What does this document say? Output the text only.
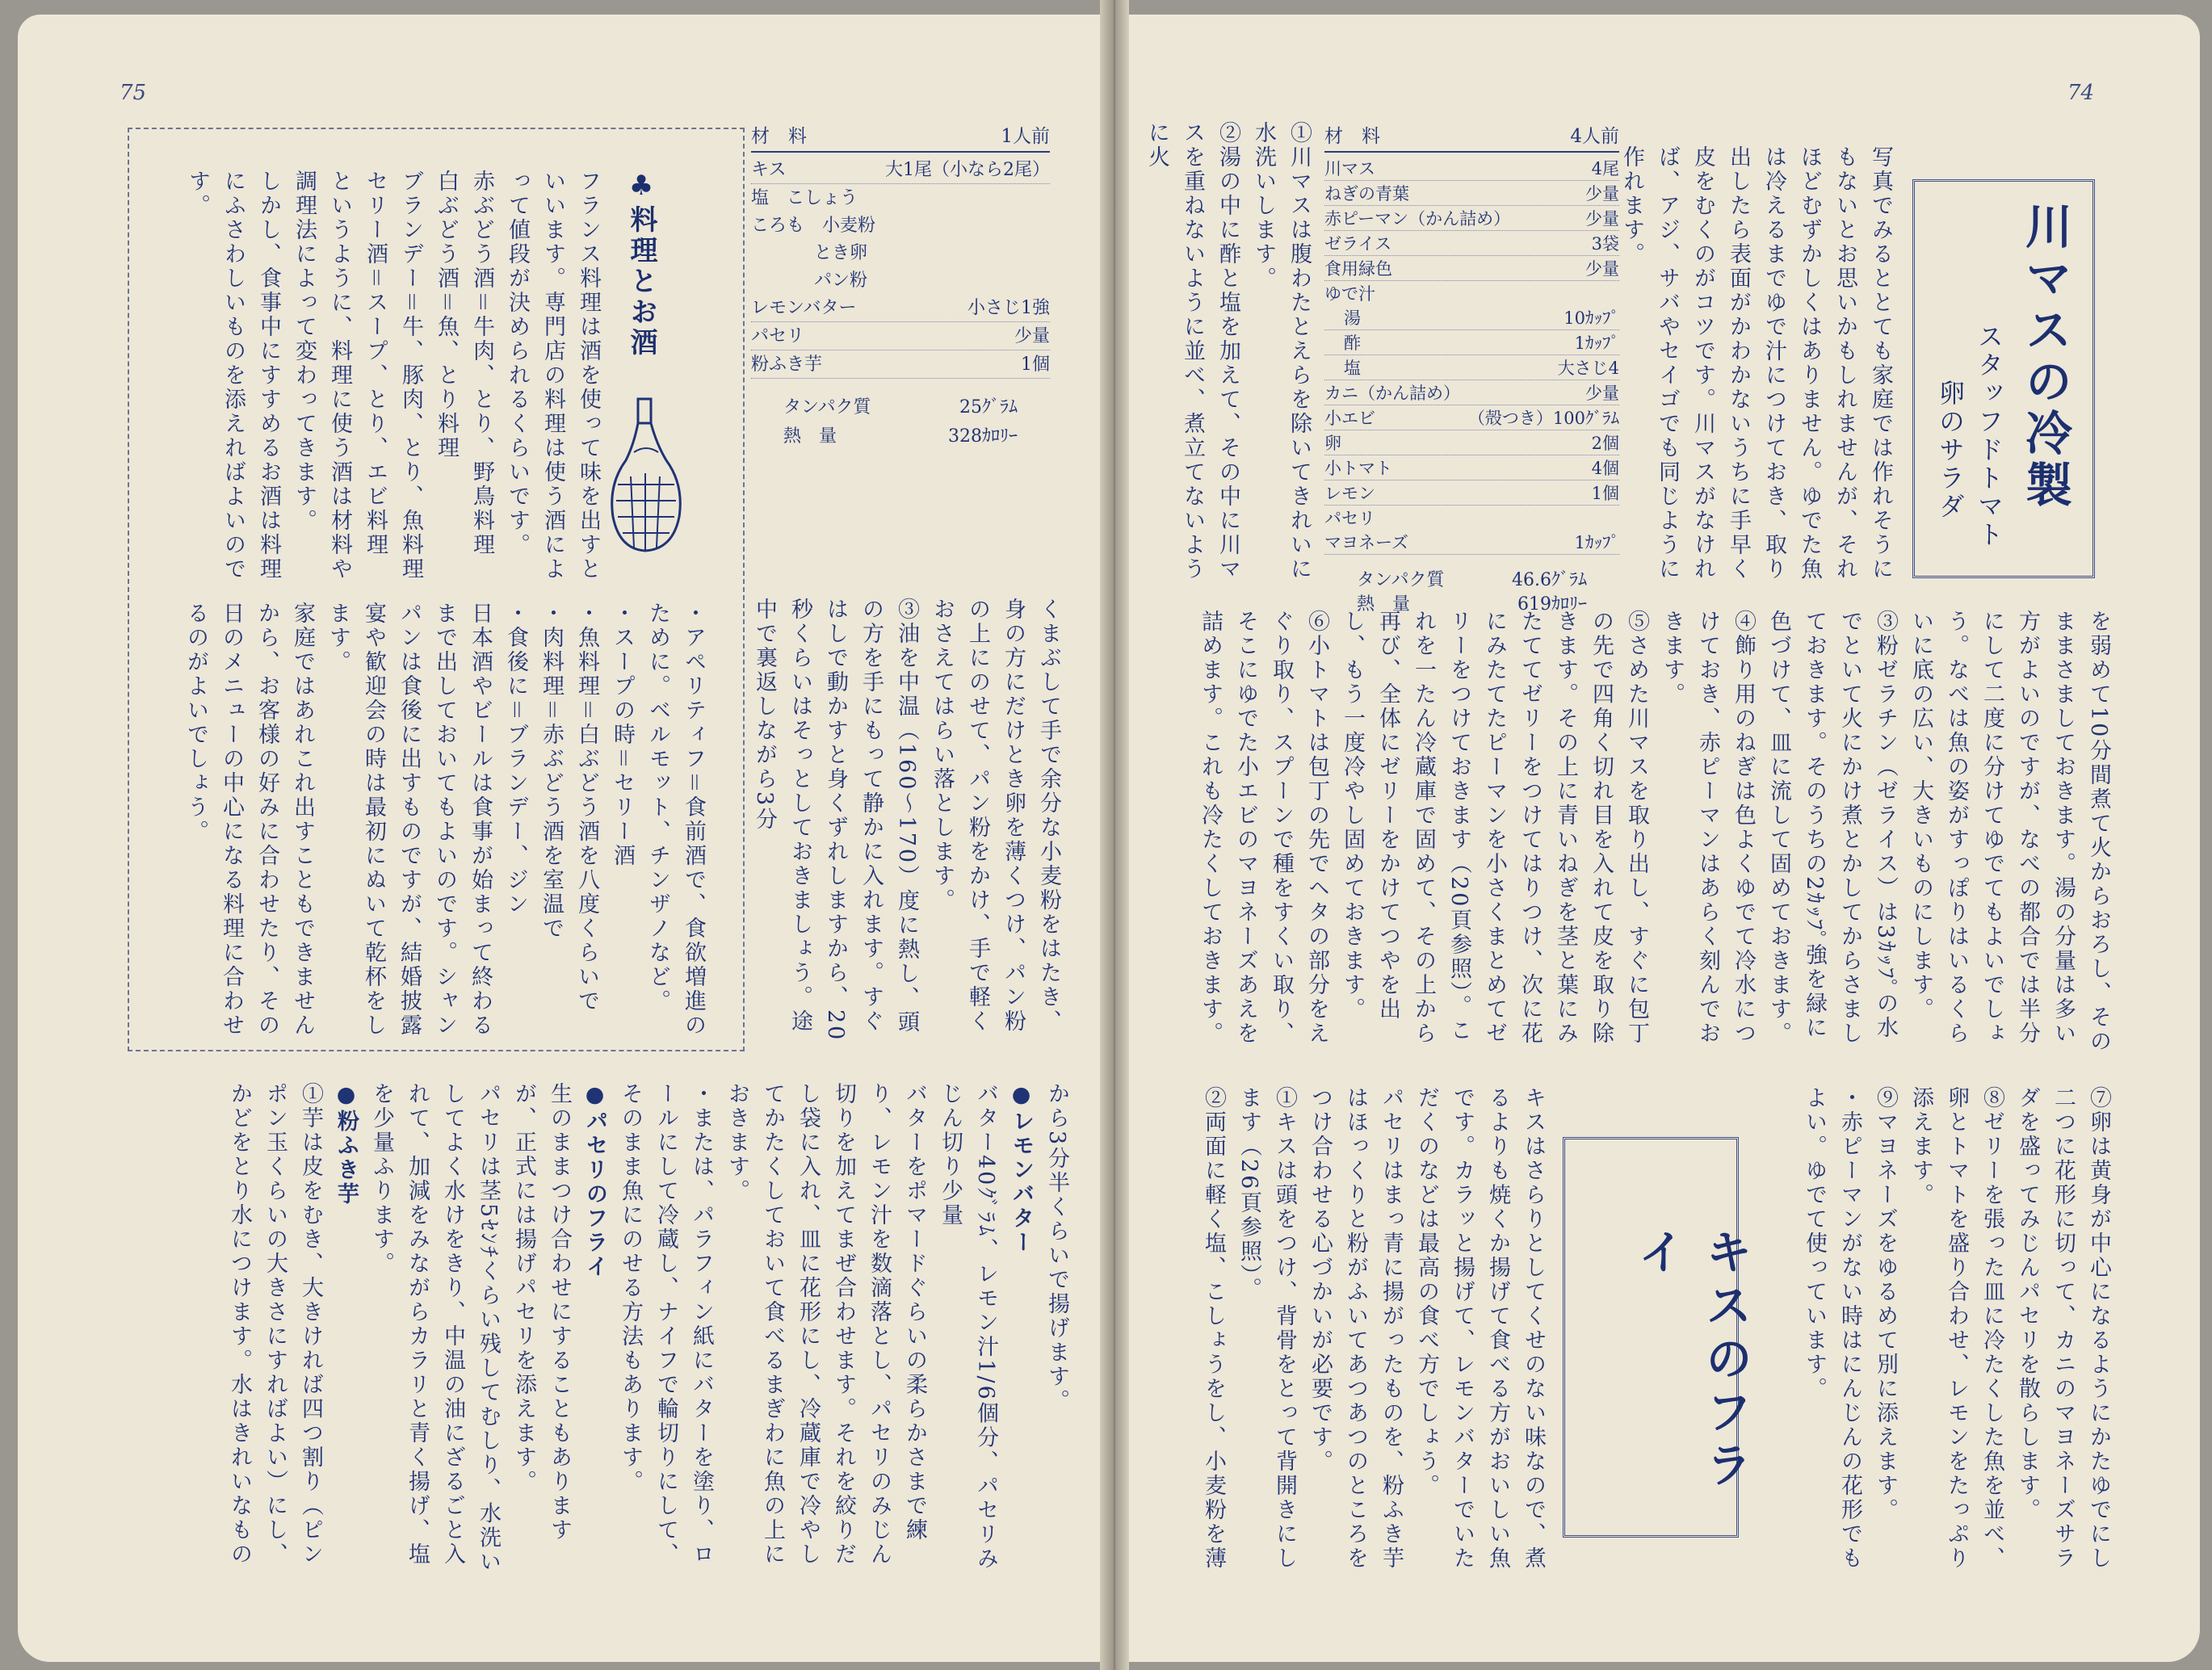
75
♣料理とお酒

フランス料理は酒を使って味を出すといいます。専門店の料理は使う酒によって値段が決められるくらいです。

赤ぶどう酒＝牛肉、とり、野鳥料理

白ぶどう酒＝魚、とり料理

ブランデー＝牛、豚肉、とり、魚料理

セリー酒＝スープ、とり、エビ料理

というように、料理に使う酒は材料や調理法によって変わってきます。

しかし、食事中にすすめるお酒は料理にふさわしいものを添えればよいのです。

・アペリティフ＝食前酒で、食欲増進のために。ベルモット、チンザノなど。

・スープの時＝セリー酒

・魚料理＝白ぶどう酒を八度くらいで

・肉料理＝赤ぶどう酒を室温で

・食後に＝ブランデー、ジン

日本酒やビールは食事が始まって終わるまで出しておいてもよいのです。シャンパンは食後に出すものですが、結婚披露宴や歓迎会の時は最初にぬいて乾杯をします。

家庭ではあれこれ出すこともできませんから、お客様の好みに合わせたり、その日のメニューの中心になる料理に合わせるのがよいでしょう。

材　料	1人前
キス	大1尾（小なら2尾）
塩　こしょう
ころも　小麦粉
とき卵
パン粉
レモンバター	小さじ1強
パセリ	少量
粉ふき芋	1個
タンパク質	25ｸﾞﾗﾑ
熱　量	328ｶﾛﾘｰ

くまぶして手で余分な小麦粉をはたき、身の方にだけとき卵を薄くつけ、パン粉の上にのせて、パン粉をかけ、手で軽くおさえてはらい落とします。

③油を中温（160～170）度に熱し、頭の方を手にもって静かに入れます。すぐはしで動かすと身くずれしますから、20秒くらいはそっとしておきましょう。途中で裏返しながら3分

から3分半くらいで揚げます。

●レモンバター

バター40ｸﾞﾗﾑ、レモン汁1/6個分、パセリみじん切り少量

バターをポマードぐらいの柔らかさまで練り、レモン汁を数滴落とし、パセリのみじん切りを加えてまぜ合わせます。それを絞りだし袋に入れ、皿に花形にし、冷蔵庫で冷やしてかたくしておいて食べるまぎわに魚の上におきます。

・または、パラフィン紙にバターを塗り、ロールにして冷蔵し、ナイフで輪切りにして、そのまま魚にのせる方法もあります。

●パセリのフライ

生のままつけ合わせにすることもありますが、正式には揚げパセリを添えます。

パセリは茎5ｾﾝﾁくらい残してむしり、水洗いしてよく水けをきり、中温の油にざるごと入れて、加減をみながらカラリと青く揚げ、塩を少量ふります。

●粉ふき芋

①芋は皮をむき、大きければ四つ割り（ピンポン玉くらいの大きさにすればよい）にし、かどをとり水につけます。水はきれいなもの

74
川マスの冷製
スタッフドトマト
卵のサラダ

写真でみるととても家庭では作れそうにもないとお思いかもしれませんが、それほどむずかしくはありません。ゆでた魚は冷えるまでゆで汁につけておき、取り出したら表面がかわかないうちに手早く皮をむくのがコツです。川マスがなければ、アジ、サバやセイゴでも同じように作れます。

材　料	4人前
川マス	4尾
ねぎの青葉	少量
赤ピーマン（かん詰め）	少量
ゼライス	3袋
食用緑色	少量
ゆで汁
湯	10ｶｯﾌﾟ
酢	1ｶｯﾌﾟ
塩	大さじ4
カニ（かん詰め）	少量
小エビ	（殻つき）100ｸﾞﾗﾑ
卵	2個
小トマト	4個
レモン	1個
パセリ
マヨネーズ	1ｶｯﾌﾟ
タンパク質	46.6ｸﾞﾗﾑ
熱　量	619ｶﾛﾘｰ

①川マスは腹わたとえらを除いてきれいに水洗いします。

②湯の中に酢と塩を加えて、その中に川マスを重ねないように並べ、煮立てないように火

を弱めて10分間煮て火からおろし、そのままさましておきます。湯の分量は多い方がよいのですが、なべの都合では半分にして二度に分けてゆでてもよいでしょう。なべは魚の姿がすっぽりはいるくらいに底の広い、大きいものにします。

③粉ゼラチン（ゼライス）は3ｶｯﾌﾟの水でといて火にかけ煮とかしてからさましておきます。そのうちの2ｶｯﾌﾟ強を緑に色づけて、皿に流して固めておきます。

④飾り用のねぎは色よくゆでて冷水につけておき、赤ピーマンはあらく刻んでおきます。

⑤さめた川マスを取り出し、すぐに包丁の先で四角く切れ目を入れて皮を取り除きます。その上に青いねぎを茎と葉にみたててゼリーをつけてはりつけ、次に花にみたてたピーマンを小さくまとめてゼリーをつけておきます（20頁参照）。これを一たん冷蔵庫で固めて、その上から再び、全体にゼリーをかけてつやを出し、もう一度冷やし固めておきます。

⑥小トマトは包丁の先でヘタの部分をえぐり取り、スプーンで種をすくい取り、そこにゆでた小エビのマヨネーズあえを詰めます。これも冷たくしておきます。

⑦卵は黄身が中心になるようにかたゆでにし二つに花形に切って、カニのマヨネーズサラダを盛ってみじんパセリを散らします。

⑧ゼリーを張った皿に冷たくした魚を並べ、卵とトマトを盛り合わせ、レモンをたっぷり添えます。

⑨マヨネーズをゆるめて別に添えます。

・赤ピーマンがない時はにんじんの花形でもよい。ゆでて使っています。

キスのフライ

キスはさらりとしてくせのない味なので、煮るよりも焼くか揚げて食べる方がおいしい魚です。カラッと揚げて、レモンバターでいただくのなどは最高の食べ方でしょう。

パセリはまっ青に揚がったものを、粉ふき芋はほっくりと粉がふいてあつあつのところをつけ合わせる心づかいが必要です。

①キスは頭をつけ、背骨をとって背開きにします（26頁参照）。

②両面に軽く塩、こしょうをし、小麦粉を薄
